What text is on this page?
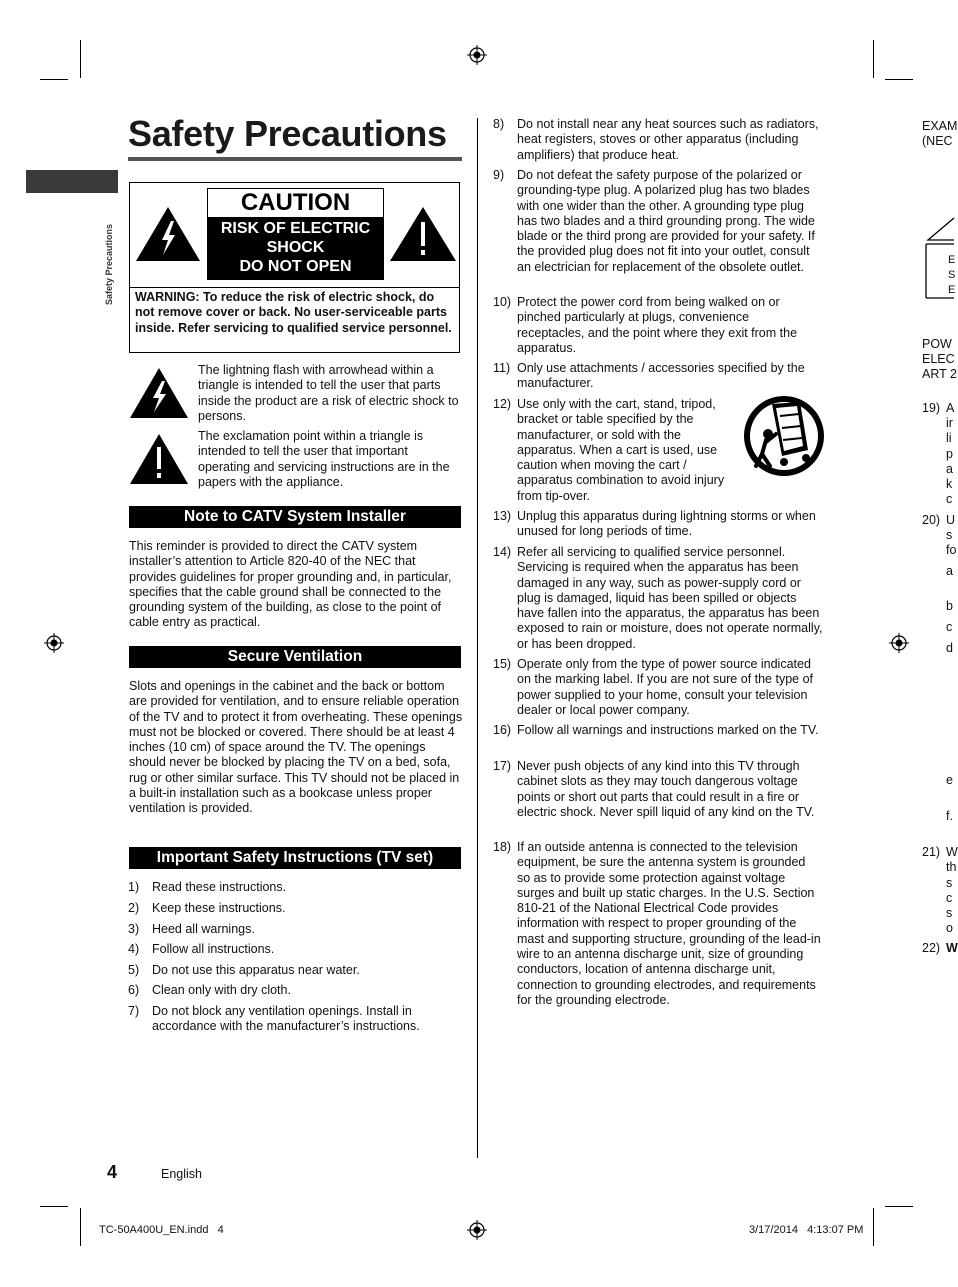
Safety Precautions
Safety Precautions
CAUTION
RISK OF ELECTRIC
SHOCK
DO NOT OPEN
WARNING: To reduce the risk of electric shock, do not remove cover or back. No user-serviceable parts inside. Refer servicing to qualified service personnel.
The lightning flash with arrowhead within a triangle is intended to tell the user that parts inside the product are a risk of electric shock to persons.
The exclamation point within a triangle is intended to tell the user that important operating and servicing instructions are in the papers with the appliance.
Note to CATV System Installer
This reminder is provided to direct the CATV system installer’s attention to Article 820-40 of the NEC that provides guidelines for proper grounding and, in particular, specifies that the cable ground shall be connected to the grounding system of the building, as close to the point of cable entry as practical.
Secure Ventilation
Slots and openings in the cabinet and the back or bottom are provided for ventilation, and to ensure reliable operation of the TV and to protect it from overheating. These openings must not be blocked or covered. There should be at least 4 inches (10 cm) of space around the TV. The openings should never be blocked by placing the TV on a bed, sofa, rug or other similar surface. This TV should not be placed in a built-in installation such as a bookcase unless proper ventilation is provided.
Important Safety Instructions (TV set)
1) Read these instructions.
2) Keep these instructions.
3) Heed all warnings.
4) Follow all instructions.
5) Do not use this apparatus near water.
6) Clean only with dry cloth.
7) Do not block any ventilation openings. Install in accordance with the manufacturer’s instructions.
8) Do not install near any heat sources such as radiators, heat registers, stoves or other apparatus (including amplifiers) that produce heat.
9) Do not defeat the safety purpose of the polarized or grounding-type plug. A polarized plug has two blades with one wider than the other. A grounding type plug has two blades and a third grounding prong. The wide blade or the third prong are provided for your safety. If the provided plug does not fit into your outlet, consult an electrician for replacement of the obsolete outlet.
10) Protect the power cord from being walked on or pinched particularly at plugs, convenience receptacles, and the point where they exit from the apparatus.
11) Only use attachments / accessories specified by the manufacturer.
12) Use only with the cart, stand, tripod, bracket or table specified by the manufacturer, or sold with the apparatus. When a cart is used, use caution when moving the cart / apparatus combination to avoid injury from tip-over.
13) Unplug this apparatus during lightning storms or when unused for long periods of time.
14) Refer all servicing to qualified service personnel. Servicing is required when the apparatus has been damaged in any way, such as power-supply cord or plug is damaged, liquid has been spilled or objects have fallen into the apparatus, the apparatus has been exposed to rain or moisture, does not operate normally, or has been dropped.
15) Operate only from the type of power source indicated on the marking label. If you are not sure of the type of power supplied to your home, consult your television dealer or local power company.
16) Follow all warnings and instructions marked on the TV.
17) Never push objects of any kind into this TV through cabinet slots as they may touch dangerous voltage points or short out parts that could result in a fire or electric shock. Never spill liquid of any kind on the TV.
18) If an outside antenna is connected to the television equipment, be sure the antenna system is grounded so as to provide some protection against voltage surges and built up static charges. In the U.S. Section 810-21 of the National Electrical Code provides information with respect to proper grounding of the mast and supporting structure, grounding of the lead-in wire to an antenna discharge unit, size of grounding conductors, location of antenna discharge unit, connection to grounding electrodes, and requirements for the grounding electrode.
EXAM
(NEC
E
S
E
POW
ELEC
ART 2
19) A
ir
li
p
a
k
c
20) U
s
fo
a
b
c
d
e
f.
21) W
th
s
c
s
o
22) W
4	English
TC-50A400U_EN.indd   4	3/17/2014   4:13:07 PM
